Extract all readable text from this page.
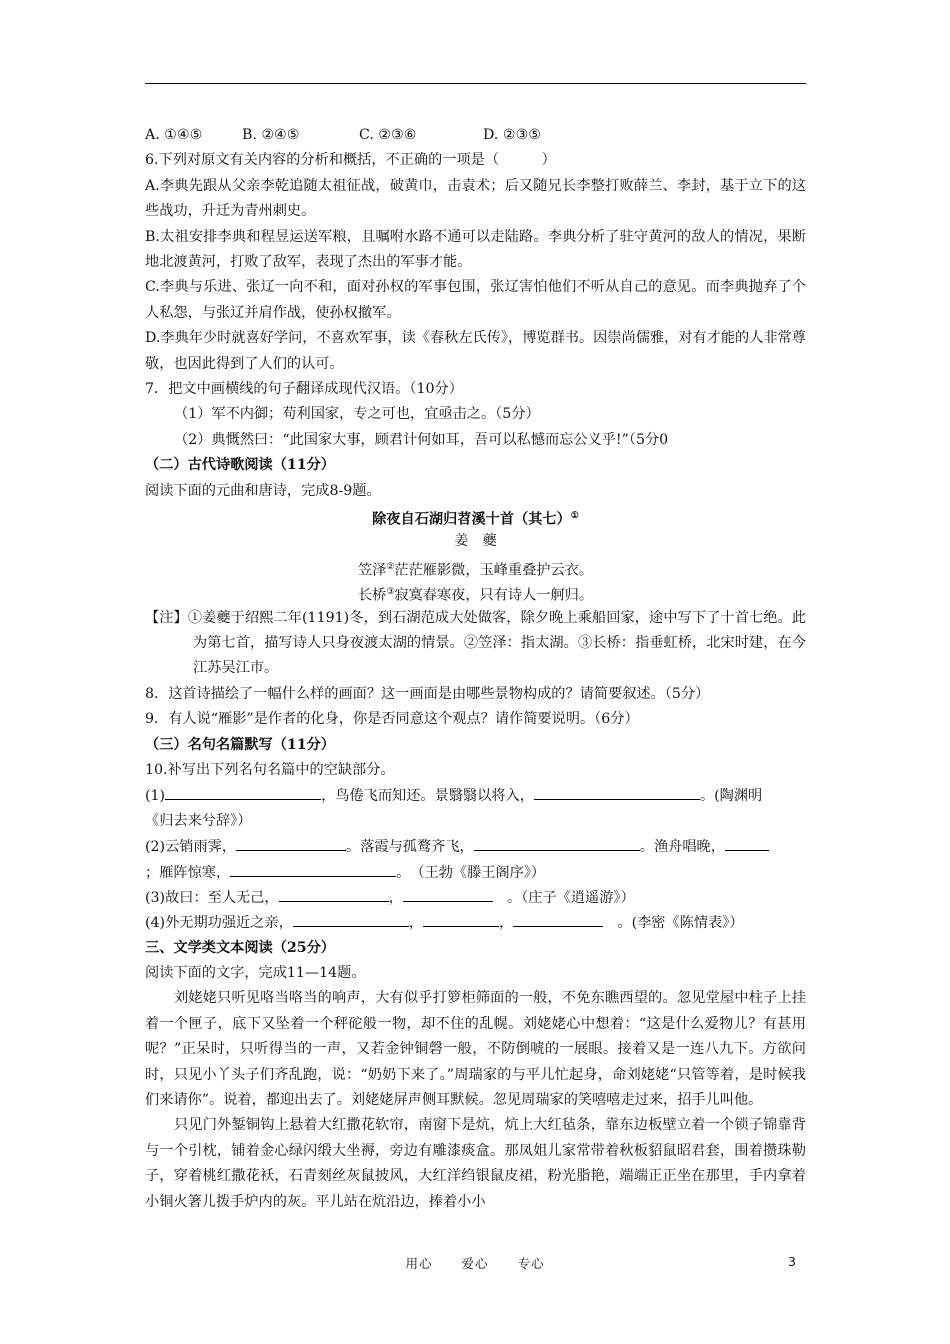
A. ①④⑤	B. ②④⑤	C. ②③⑥	D. ②③⑤
6.下列对原文有关内容的分析和概括，不正确的一项是（　　　）
A.李典先跟从父亲李乾追随太祖征战，破黄巾，击袁术；后又随兄长李整打败薛兰、李封，基于立下的这些战功，升迁为青州刺史。
B.太祖安排李典和程昱运送军粮，且嘱咐水路不通可以走陆路。李典分析了驻守黄河的敌人的情况，果断地北渡黄河，打败了敌军，表现了杰出的军事才能。
C.李典与乐进、张辽一向不和，面对孙权的军事包围，张辽害怕他们不听从自己的意见。而李典抛弃了个人私怨，与张辽并肩作战，使孙权撤军。
D.李典年少时就喜好学问，不喜欢军事，读《春秋左氏传》，博览群书。因崇尚儒雅，对有才能的人非常尊敬，也因此得到了人们的认可。
7．把文中画横线的句子翻译成现代汉语。（10分）
（1）军不内御；苟利国家，专之可也，宜亟击之。（5分）
（2）典慨然曰：“此国家大事，顾君计何如耳，吾可以私憾而忘公义乎!”（5分0
（二）古代诗歌阅读（11分）
阅读下面的元曲和唐诗，完成8-9题。
除夜自石湖归苕溪十首（其七）①
姜　夔
笠泽②茫茫雁影微，玉峰重叠护云衣。
长桥③寂寞春寒夜，只有诗人一舸归。
【注】①姜夔于绍熙二年(1191)冬，到石湖范成大处做客，除夕晚上乘船回家，途中写下了十首七绝。此为第七首，描写诗人只身夜渡太湖的情景。②笠泽：指太湖。③长桥：指垂虹桥，北宋时建，在今江苏吴江市。
8．这首诗描绘了一幅什么样的画面？这一画面是由哪些景物构成的？请简要叙述。（5分）
9．有人说“雁影”是作者的化身，你是否同意这个观点？请作简要说明。（6分）
（三）名句名篇默写（11分）
10.补写出下列名句名篇中的空缺部分。
(1)	，鸟倦飞而知还。景翳翳以将入，	。(陶渊明
《归去来兮辞》）
(2)云销雨霁，	。落霞与孤鹜齐飞，	。渔舟唱晚，
；雁阵惊寒，	。　（王勃《滕王阁序》）
(3)故曰：至人无己，	，	　。（庄子《逍遥游》）
(4)外无期功强近之亲，	，	，	　。(李密《陈情表》）
三、文学类文本阅读（25分）
阅读下面的文字，完成11—14题。
刘姥姥只听见咯当咯当的响声，大有似乎打箩柜筛面的一般，不免东瞧西望的。忽见堂屋中柱子上挂着一个匣子，底下又坠着一个秤砣般一物，却不住的乱幌。刘姥姥心中想着：“这是什么爱物儿？有甚用呢？”正呆时，只听得当的一声，又若金钟铜磬一般，不防倒唬的一展眼。接着又是一连八九下。方欲问时，只见小丫头子们齐乱跑，说：“奶奶下来了。”周瑞家的与平儿忙起身，命刘姥姥“只管等着，是时候我们来请你”。说着，都迎出去了。刘姥姥屏声侧耳默候。忽见周瑞家的笑嘻嘻走过来，招手儿叫他。
只见门外錾铜钩上悬着大红撒花软帘，南窗下是炕，炕上大红毡条，靠东边板壁立着一个锁子锦靠背与一个引枕，铺着金心绿闪缎大坐褥，旁边有雕漆痰盒。那凤姐儿家常带着秋板貂鼠昭君套，围着攒珠勒子，穿着桃红撒花袄，石青刻丝灰鼠披风，大红洋绉银鼠皮裙，粉光脂艳，端端正正坐在那里，手内拿着小铜火箸儿拨手炉内的灰。平儿站在炕沿边，捧着小小
用心 爱心 专心	3
